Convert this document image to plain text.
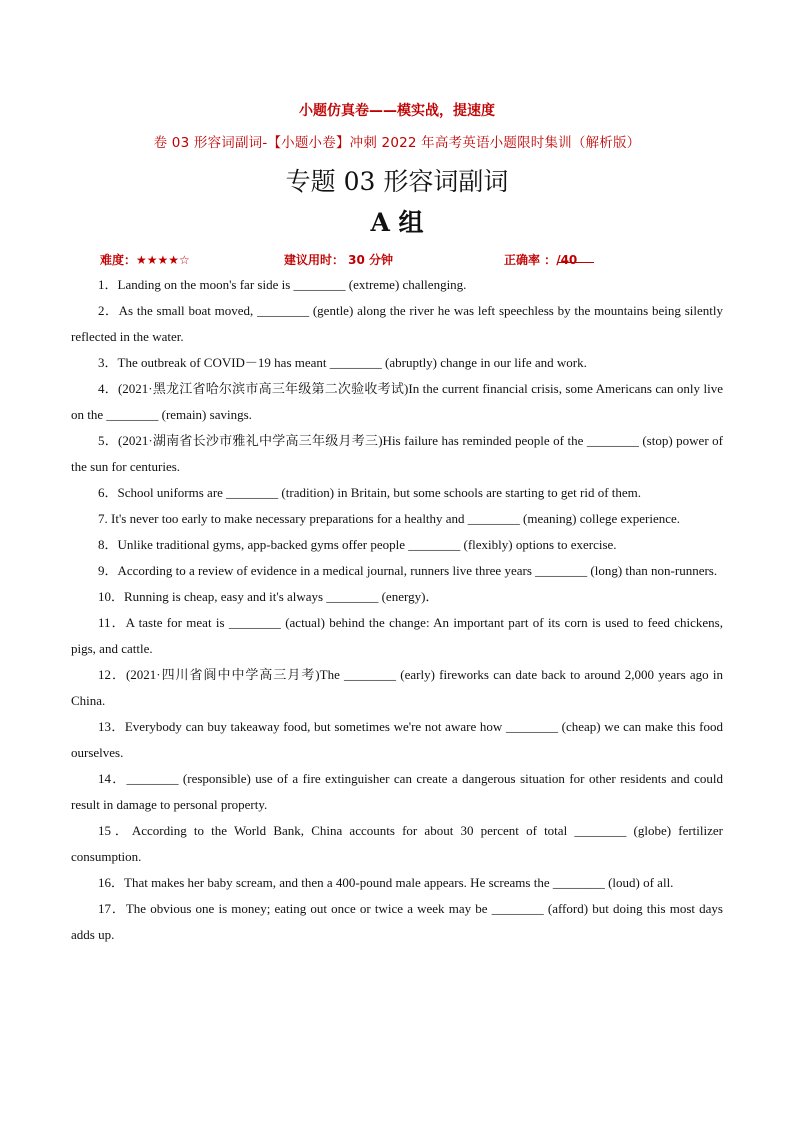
小题仿真卷——模实战，提速度
卷 03 形容词副词-【小题小卷】冲刺 2022 年高考英语小题限时集训（解析版）
专题 03 形容词副词
A 组
难度：★★★★☆	建议用时： 30 分钟	正确率 ：
/40

1．Landing on the moon's far side is ________ (extreme) challenging.

2．As the small boat moved, ________ (gentle) along the river he was left speechless by the mountains being silently reflected in the water.

3．The outbreak of COVID－19 has meant ________ (abruptly) change in our life and work.

4．(2021·黑龙江省哈尔滨市高三年级第二次验收考试)In the current financial crisis, some Americans can only live on the ________ (remain) savings.

5．(2021·湖南省长沙市雅礼中学高三年级月考三)His failure has reminded people of the ________ (stop) power of the sun for centuries.

6．School uniforms are ________ (tradition) in Britain, but some schools are starting to get rid of them.

7. It's never too early to make necessary preparations for a healthy and ________ (meaning) college experience.

8．Unlike traditional gyms, app-backed gyms offer people ________ (flexibly) options to exercise.

9．According to a review of evidence in a medical journal, runners live three years ________ (long) than non-runners.

10．Running is cheap, easy and it's always ________ (energy)．

11．A taste for meat is ________ (actual) behind the change: An important part of its corn is used to feed chickens, pigs, and cattle.

12．(2021·四川省阆中中学高三月考)The ________ (early) fireworks can date back to around 2,000 years ago in China.

13．Everybody can buy takeaway food, but sometimes we're not aware how ________ (cheap) we can make this food ourselves.

14．________ (responsible) use of a fire extinguisher can create a dangerous situation for other residents and could result in damage to personal property.

15．According to the World Bank, China accounts for about 30 percent of total ________ (globe) fertilizer consumption.

16．That makes her baby scream, and then a 400-pound male appears. He screams the ________ (loud) of all.

17．The obvious one is money; eating out once or twice a week may be ________ (afford) but doing this most days adds up.
